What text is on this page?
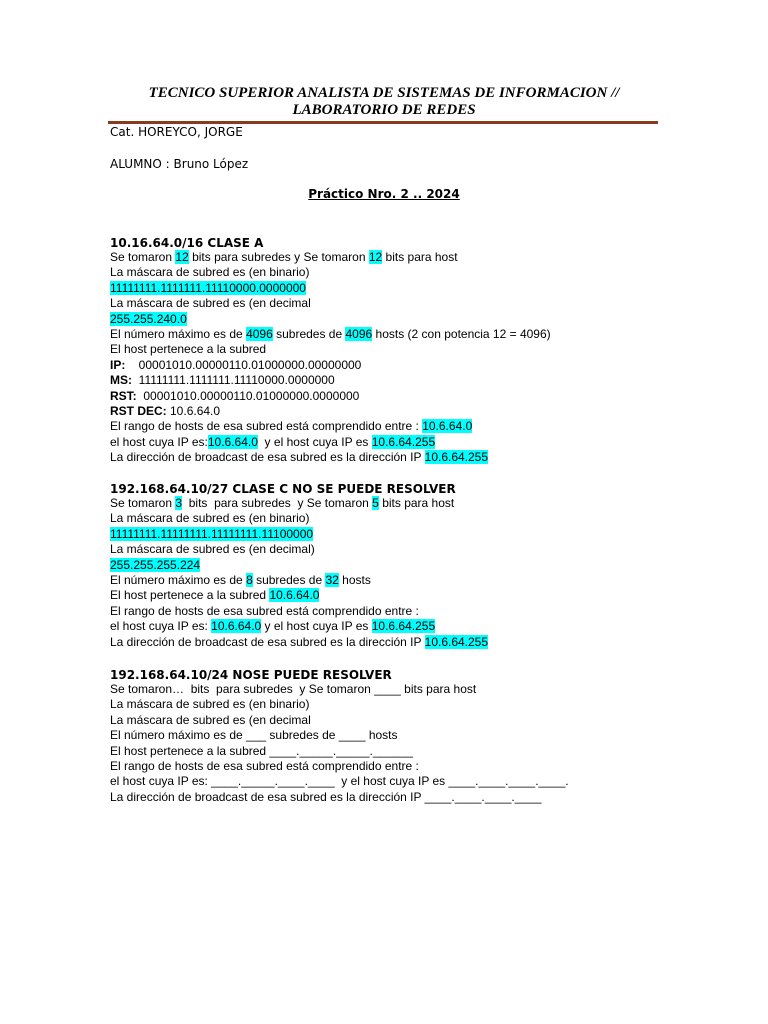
TECNICO SUPERIOR ANALISTA DE SISTEMAS DE INFORMACION //
LABORATORIO DE REDES
Cat. HOREYCO, JORGE
ALUMNO : Bruno López
Práctico Nro. 2 .. 2024
10.16.64.0/16 CLASE A
Se tomaron 12 bits para subredes y Se tomaron 12 bits para host
La máscara de subred es (en binario)
11111111.1111111.11110000.0000000
La máscara de subred es (en decimal
255.255.240.0
El número máximo es de 4096 subredes de 4096 hosts (2 con potencia 12 = 4096)
El host pertenece a la subred
IP:    00001010.00000110.01000000.00000000
MS:  11111111.1111111.11110000.0000000
RST:  00001010.00000110.01000000.0000000
RST DEC: 10.6.64.0
El rango de hosts de esa subred está comprendido entre : 10.6.64.0
el host cuya IP es:10.6.64.0  y el host cuya IP es 10.6.64.255
La dirección de broadcast de esa subred es la dirección IP 10.6.64.255
192.168.64.10/27 CLASE C NO SE PUEDE RESOLVER
Se tomaron 3  bits  para subredes  y Se tomaron 5 bits para host
La máscara de subred es (en binario)
11111111.11111111.11111111.11100000
La máscara de subred es (en decimal)
255.255.255.224
El número máximo es de 8 subredes de 32 hosts
El host pertenece a la subred 10.6.64.0
El rango de hosts de esa subred está comprendido entre :
el host cuya IP es: 10.6.64.0 y el host cuya IP es 10.6.64.255
La dirección de broadcast de esa subred es la dirección IP 10.6.64.255
192.168.64.10/24 NOSE PUEDE RESOLVER
Se tomaron…  bits  para subredes  y Se tomaron ____ bits para host
La máscara de subred es (en binario)
La máscara de subred es (en decimal
El número máximo es de ___ subredes de ____ hosts
El host pertenece a la subred ____._____._____.______
El rango de hosts de esa subred está comprendido entre :
el host cuya IP es: ____._____.____.____  y el host cuya IP es ____.____.____.____.
La dirección de broadcast de esa subred es la dirección IP ____.____.____.____
